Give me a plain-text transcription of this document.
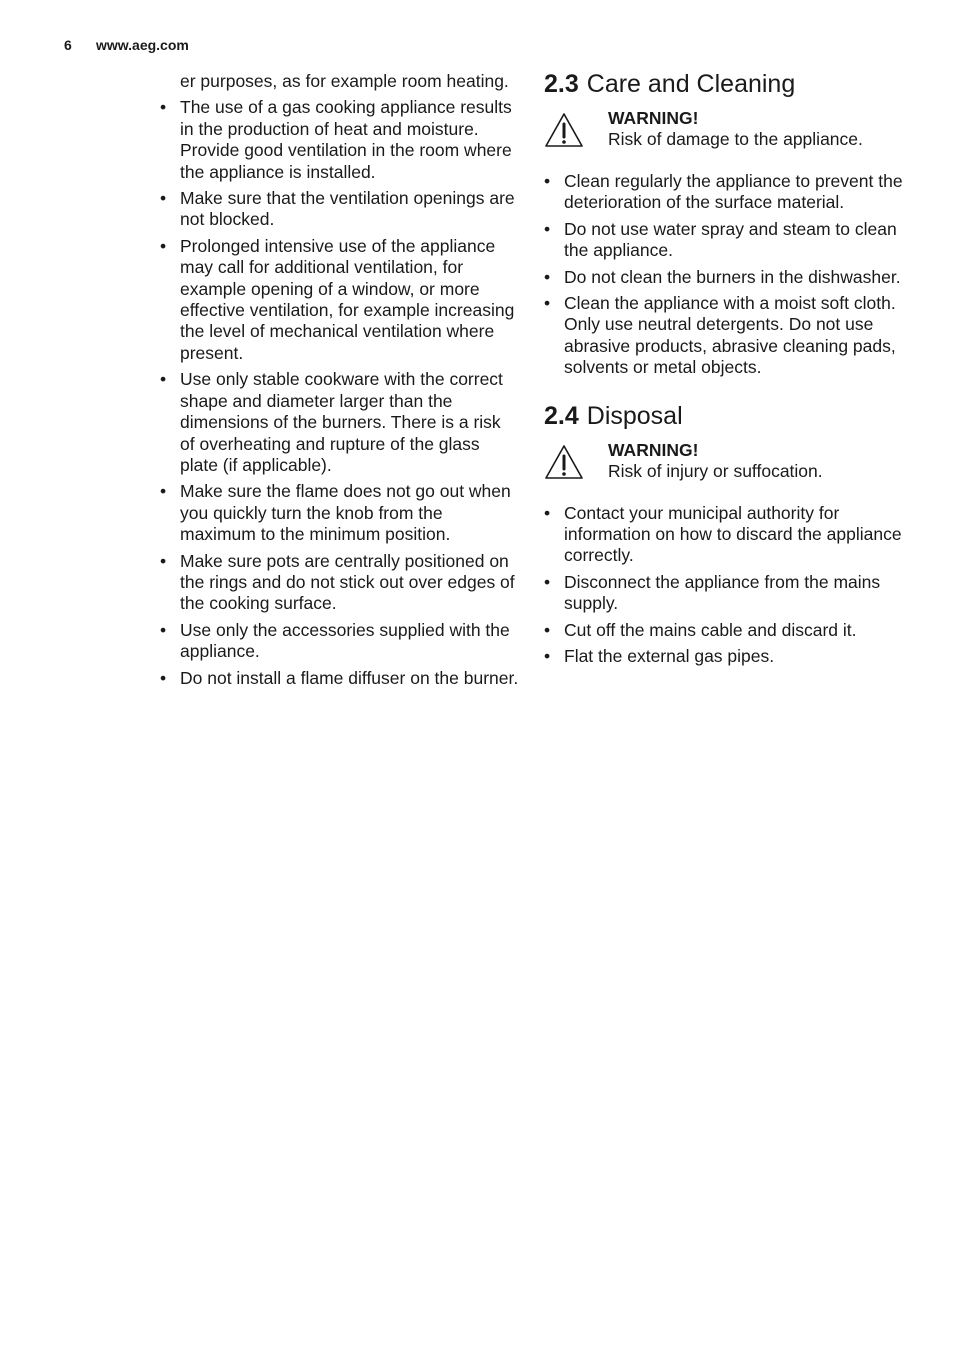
6 www.aeg.com

er purposes, as for example room heating.

• The use of a gas cooking appliance results in the production of heat and moisture. Provide good ventilation in the room where the appliance is installed.
• Make sure that the ventilation openings are not blocked.
• Prolonged intensive use of the appliance may call for additional ventilation, for example opening of a window, or more effective ventilation, for example increasing the level of mechanical ventilation where present.
• Use only stable cookware with the correct shape and diameter larger than the dimensions of the burners. There is a risk of overheating and rupture of the glass plate (if applicable).
• Make sure the flame does not go out when you quickly turn the knob from the maximum to the minimum position.
• Make sure pots are centrally positioned on the rings and do not stick out over edges of the cooking surface.
• Use only the accessories supplied with the appliance.
• Do not install a flame diffuser on the burner.
2.3 Care and Cleaning
WARNING!
Risk of damage to the appliance.
• Clean regularly the appliance to prevent the deterioration of the surface material.
• Do not use water spray and steam to clean the appliance.
• Do not clean the burners in the dishwasher.
• Clean the appliance with a moist soft cloth. Only use neutral detergents. Do not use abrasive products, abrasive cleaning pads, solvents or metal objects.
2.4 Disposal
WARNING!
Risk of injury or suffocation.
• Contact your municipal authority for information on how to discard the appliance correctly.
• Disconnect the appliance from the mains supply.
• Cut off the mains cable and discard it.
• Flat the external gas pipes.
